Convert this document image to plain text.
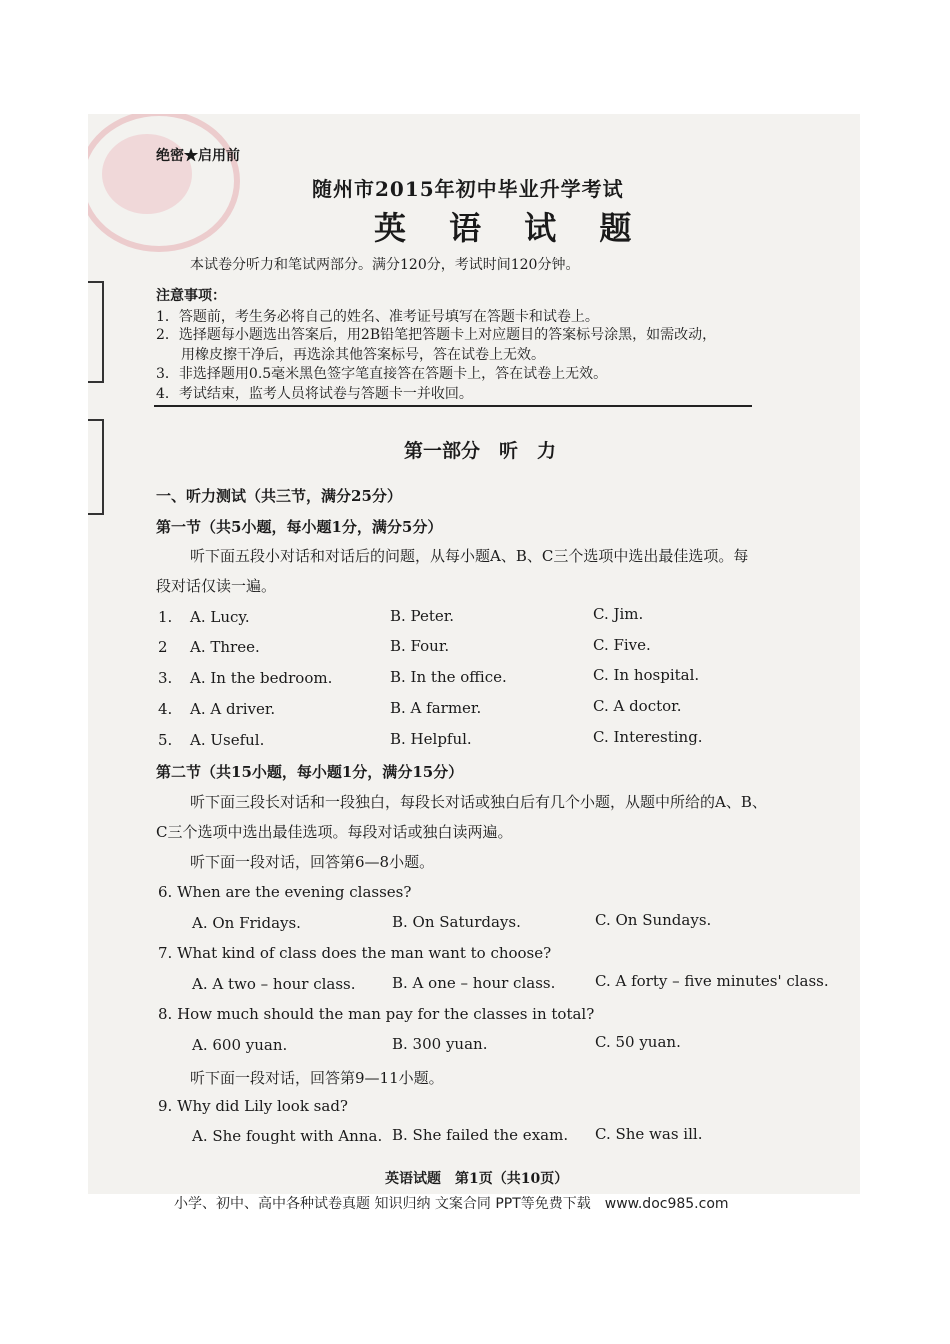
绝密★启用前
随州市2015年初中毕业升学考试
英 语 试 题
本试卷分听力和笔试两部分。满分120分，考试时间120分钟。
注意事项：
1．答题前，考生务必将自己的姓名、准考证号填写在答题卡和试卷上。
2．选择题每小题选出答案后，用2B铅笔把答题卡上对应题目的答案标号涂黑，如需改动，
用橡皮擦干净后，再选涂其他答案标号，答在试卷上无效。
3．非选择题用0.5毫米黑色签字笔直接答在答题卡上，答在试卷上无效。
4．考试结束，监考人员将试卷与答题卡一并收回。
第一部分　听　力
一、听力测试（共三节，满分25分）
第一节（共5小题，每小题1分，满分5分）
听下面五段小对话和对话后的问题，从每小题A、B、C三个选项中选出最佳选项。每
段对话仅读一遍。
1. A. Lucy.	B. Peter.	C. Jim.
2 A. Three.	B. Four.	C. Five.
3. A. In the bedroom.	B. In the office.	C. In hospital.
4. A. A driver.	B. A farmer.	C. A doctor.
5. A. Useful.	B. Helpful.	C. Interesting.
第二节（共15小题，每小题1分，满分15分）
听下面三段长对话和一段独白，每段长对话或独白后有几个小题，从题中所给的A、B、
C三个选项中选出最佳选项。每段对话或独白读两遍。
听下面一段对话，回答第6—8小题。
6. When are the evening classes?
A. On Fridays.	B. On Saturdays.	C. On Sundays.
7. What kind of class does the man want to choose?
A. A two – hour class. B. A one – hour class.	C. A forty – five minutes' class.
8. How much should the man pay for the classes in total?
A. 600 yuan.	B. 300 yuan.	C. 50 yuan.
听下面一段对话，回答第9—11小题。
9. Why did Lily look sad?
A. She fought with Anna. B. She failed the exam. C. She was ill.
英语试题　第1页（共10页）
小学、初中、高中各种试卷真题 知识归纳 文案合同 PPT等免费下载　www.doc985.com
